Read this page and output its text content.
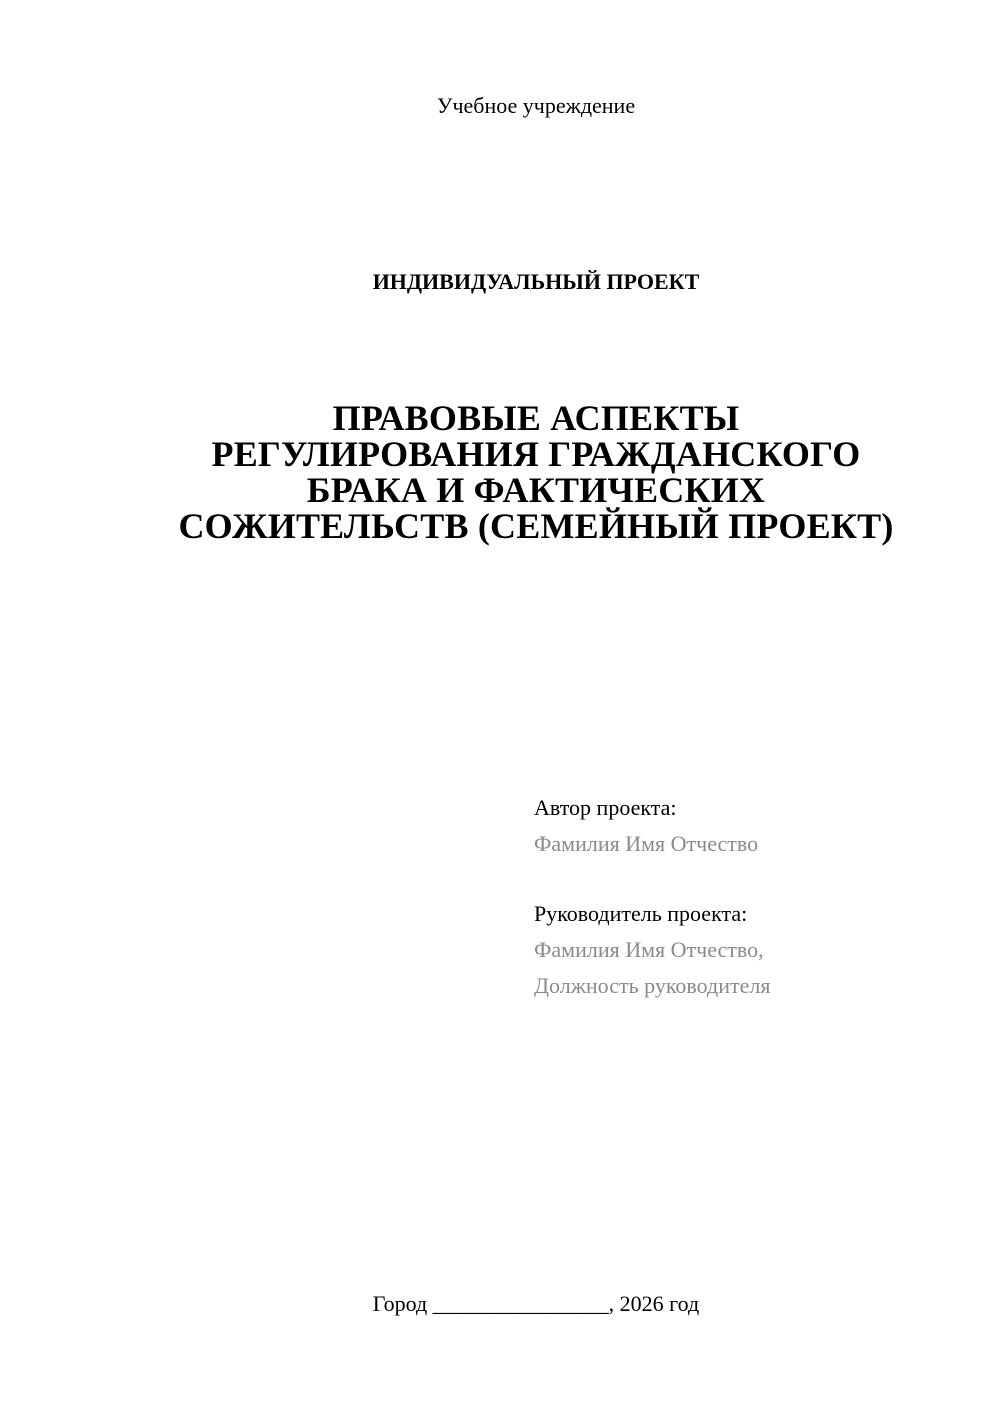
Учебное учреждение
ИНДИВИДУАЛЬНЫЙ ПРОЕКТ
ПРАВОВЫЕ АСПЕКТЫ
РЕГУЛИРОВАНИЯ ГРАЖДАНСКОГО
БРАКА И ФАКТИЧЕСКИХ
СОЖИТЕЛЬСТВ (СЕМЕЙНЫЙ ПРОЕКТ)
Автор проекта:
Фамилия Имя Отчество
Руководитель проекта:
Фамилия Имя Отчество,
Должность руководителя
Город ________________, 2026 год
